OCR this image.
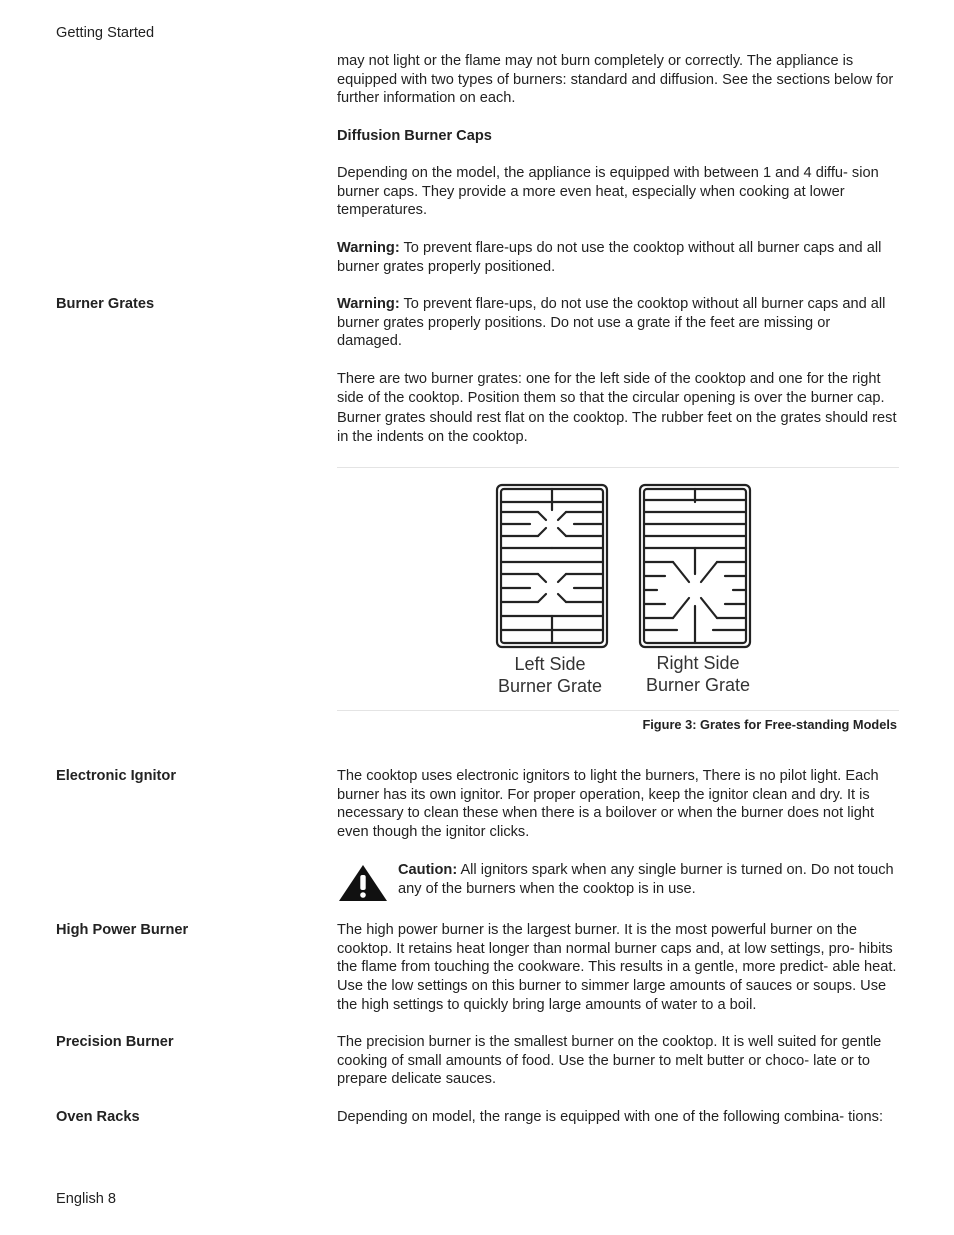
Getting Started

may not light or the flame may not burn completely or correctly. The appliance is equipped with two types of burners: standard and diffusion. See the sections below for further information on each.

Diffusion Burner Caps

Depending on the model, the appliance is equipped with between 1 and 4 diffu- sion burner caps. They provide a more even heat, especially when cooking at lower temperatures.

Warning: To prevent flare-ups do not use the cooktop without all burner caps and all burner grates properly positioned.

Burner Grates	Warning: To prevent flare-ups, do not use the cooktop without all burner caps and all burner grates properly positions. Do not use a grate if the feet are missing or damaged.

There are two burner grates: one for the left side of the cooktop and one for the right side of the cooktop. Position them so that the circular opening is over the burner cap. Burner grates should rest flat on the cooktop. The rubber feet on the grates should rest in the indents on the cooktop.

Left Side
Burner Grate
Right Side
Burner Grate
Figure 3: Grates for Free-standing Models
Electronic Ignitor	The cooktop uses electronic ignitors to light the burners, There is no pilot light. Each burner has its own ignitor. For proper operation, keep the ignitor clean and dry. It is necessary to clean these when there is a boilover or when the burner does not light even though the ignitor clicks.

Caution: All ignitors spark when any single burner is turned on. Do not touch any of the burners when the cooktop is in use.

High Power Burner	The high power burner is the largest burner. It is the most powerful burner on the cooktop. It retains heat longer than normal burner caps and, at low settings, pro- hibits the flame from touching the cookware. This results in a gentle, more predict- able heat. Use the low settings on this burner to simmer large amounts of sauces or soups. Use the high settings to quickly bring large amounts of water to a boil.

Precision Burner	The precision burner is the smallest burner on the cooktop. It is well suited for gentle cooking of small amounts of food. Use the burner to melt butter or choco- late or to prepare delicate sauces.

Oven Racks	Depending on model, the range is equipped with one of the following combina- tions:

English 8
